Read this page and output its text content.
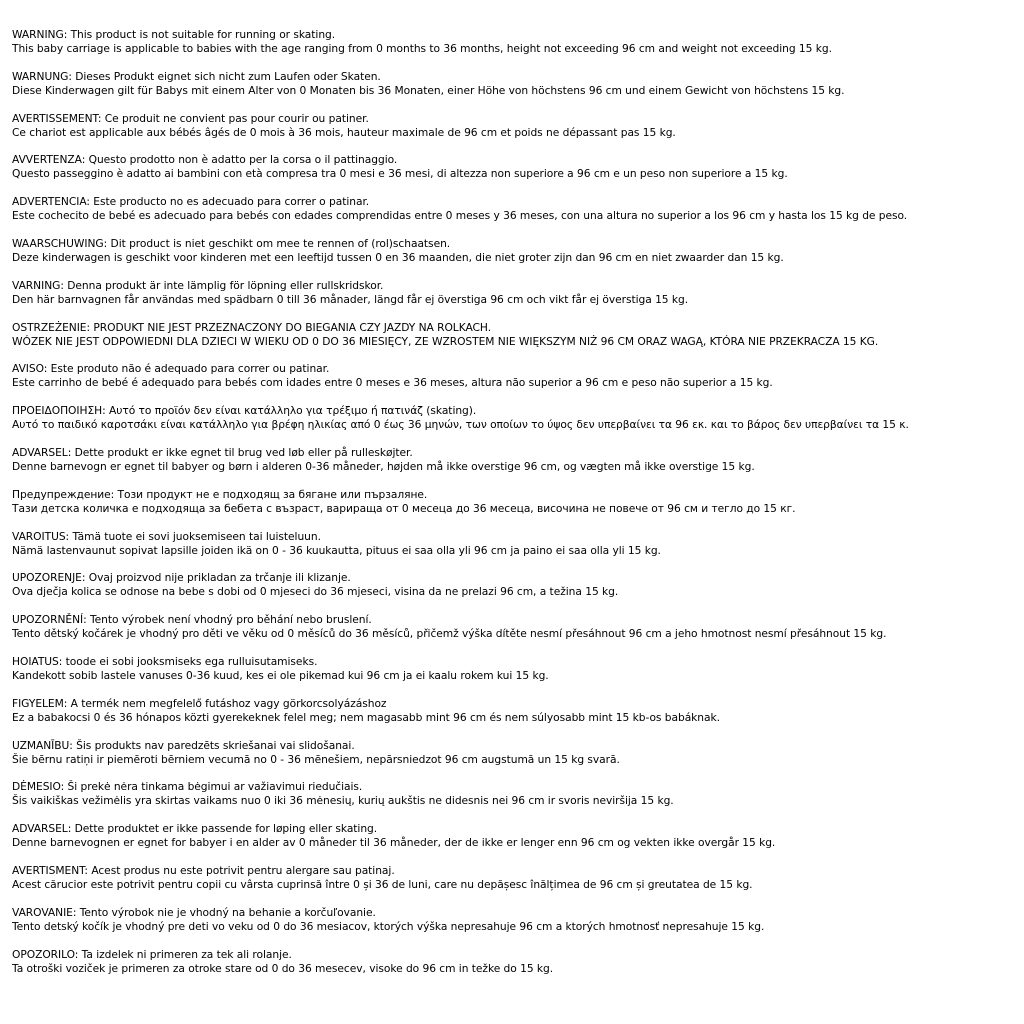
WARNING: This product is not suitable for running or skating.
This baby carriage is applicable to babies with the age ranging from 0 months to 36 months, height not exceeding 96 cm and weight not exceeding 15 kg.
WARNUNG: Dieses Produkt eignet sich nicht zum Laufen oder Skaten.
Diese Kinderwagen gilt für Babys mit einem Alter von 0 Monaten bis 36 Monaten, einer Höhe von höchstens 96 cm und einem Gewicht von höchstens 15 kg.
AVERTISSEMENT: Ce produit ne convient pas pour courir ou patiner.
Ce chariot est applicable aux bébés âgés de 0 mois à 36 mois, hauteur maximale de 96 cm et poids ne dépassant pas 15 kg.
AVVERTENZA: Questo prodotto non è adatto per la corsa o il pattinaggio.
Questo passeggino è adatto ai bambini con età compresa tra 0 mesi e 36 mesi, di altezza non superiore a 96 cm e un peso non superiore a 15 kg.
ADVERTENCIA: Este producto no es adecuado para correr o patinar.
Este cochecito de bebé es adecuado para bebés con edades comprendidas entre 0 meses y 36 meses, con una altura no superior a los 96 cm y hasta los 15 kg de peso.
WAARSCHUWING: Dit product is niet geschikt om mee te rennen of (rol)schaatsen.
Deze kinderwagen is geschikt voor kinderen met een leeftijd tussen 0 en 36 maanden, die niet groter zijn dan 96 cm en niet zwaarder dan 15 kg.
VARNING: Denna produkt är inte lämplig för löpning eller rullskridskor.
Den här barnvagnen får användas med spädbarn 0 till 36 månader, längd får ej överstiga 96 cm och vikt får ej överstiga 15 kg.
OSTRZEŻENIE: PRODUKT NIE JEST PRZEZNACZONY DO BIEGANIA CZY JAZDY NA ROLKACH.
WÓZEK NIE JEST ODPOWIEDNI DLA DZIECI W WIEKU OD 0 DO 36 MIESIĘCY, ZE WZROSTEM NIE WIĘKSZYM NIŻ 96 CM ORAZ WAGĄ, KTÓRA NIE PRZEKRACZA 15 KG.
AVISO: Este produto não é adequado para correr ou patinar.
Este carrinho de bebé é adequado para bebés com idades entre 0 meses e 36 meses, altura não superior a 96 cm e peso não superior a 15 kg.
ΠΡΟΕΙΔΟΠΟΙΗΣΗ: Αυτό το προϊόν δεν είναι κατάλληλο για τρέξιμο ή πατινάζ (skating).
Αυτό το παιδικό καροτσάκι είναι κατάλληλο για βρέφη ηλικίας από 0 έως 36 μηνών, των οποίων το ύψος δεν υπερβαίνει τα 96 εκ. και το βάρος δεν υπερβαίνει τα 15 κ.
ADVARSEL: Dette produkt er ikke egnet til brug ved løb eller på rulleskøjter.
Denne barnevogn er egnet til babyer og børn i alderen 0-36 måneder, højden må ikke overstige 96 cm, og vægten må ikke overstige 15 kg.
Предупреждение: Този продукт не е подходящ за бягане или пързаляне.
Тази детска количка е подходяща за бебета с възраст, варираща от 0 месеца до 36 месеца, височина не повече от 96 см и тегло до 15 кг.
VAROITUS: Tämä tuote ei sovi juoksemiseen tai luisteluun.
Nämä lastenvaunut sopivat lapsille joiden ikä on 0 - 36 kuukautta, pituus ei saa olla yli 96 cm ja paino ei saa olla yli 15 kg.
UPOZORENJE: Ovaj proizvod nije prikladan za trčanje ili klizanje.
Ova dječja kolica se odnose na bebe s dobi od 0 mjeseci do 36 mjeseci, visina da ne prelazi 96 cm, a težina 15 kg.
UPOZORNĚNÍ: Tento výrobek není vhodný pro běhání nebo bruslení.
Tento dětský kočárek je vhodný pro děti ve věku od 0 měsíců do 36 měsíců, přičemž výška dítěte nesmí přesáhnout 96 cm a jeho hmotnost nesmí přesáhnout 15 kg.
HOIATUS: toode ei sobi jooksmiseks ega rulluisutamiseks.
Kandekott sobib lastele vanuses 0-36 kuud, kes ei ole pikemad kui 96 cm ja ei kaalu rokem kui 15 kg.
FIGYELEM: A termék nem megfelelő futáshoz vagy görkorcsolyázáshoz
Ez a babakocsi 0 és 36 hónapos közti gyerekeknek felel meg; nem magasabb mint 96 cm és nem súlyosabb mint 15 kb-os babáknak.
UZMANĪBU: Šis produkts nav paredzēts skriešanai vai slidošanai.
Šie bērnu ratiņi ir piemēroti bērniem vecumā no 0 - 36 mēnešiem, nepārsniedzot 96 cm augstumā un 15 kg svarā.
DĖMESIO: Ši prekė nėra tinkama bėgimui ar važiavimui riedučiais.
Šis vaikiškas vežimėlis yra skirtas vaikams nuo 0 iki 36 mėnesių, kurių aukštis ne didesnis nei 96 cm ir svoris neviršija 15 kg.
ADVARSEL: Dette produktet er ikke passende for løping eller skating.
Denne barnevognen er egnet for babyer i en alder av 0 måneder til 36 måneder, der de ikke er lenger enn 96 cm og vekten ikke overgår 15 kg.
AVERTISMENT: Acest produs nu este potrivit pentru alergare sau patinaj.
Acest cărucior este potrivit pentru copii cu vârsta cuprinsă între 0 și 36 de luni, care nu depășesc înălțimea de 96 cm și greutatea de 15 kg.
VAROVANIE: Tento výrobok nie je vhodný na behanie a korčuľovanie.
Tento detský kočík je vhodný pre deti vo veku od 0 do 36 mesiacov, ktorých výška nepresahuje 96 cm a ktorých hmotnosť nepresahuje 15 kg.
OPOZORILO: Ta izdelek ni primeren za tek ali rolanje.
Ta otroški voziček je primeren za otroke stare od 0 do 36 mesecev, visoke do 96 cm in težke do 15 kg.
